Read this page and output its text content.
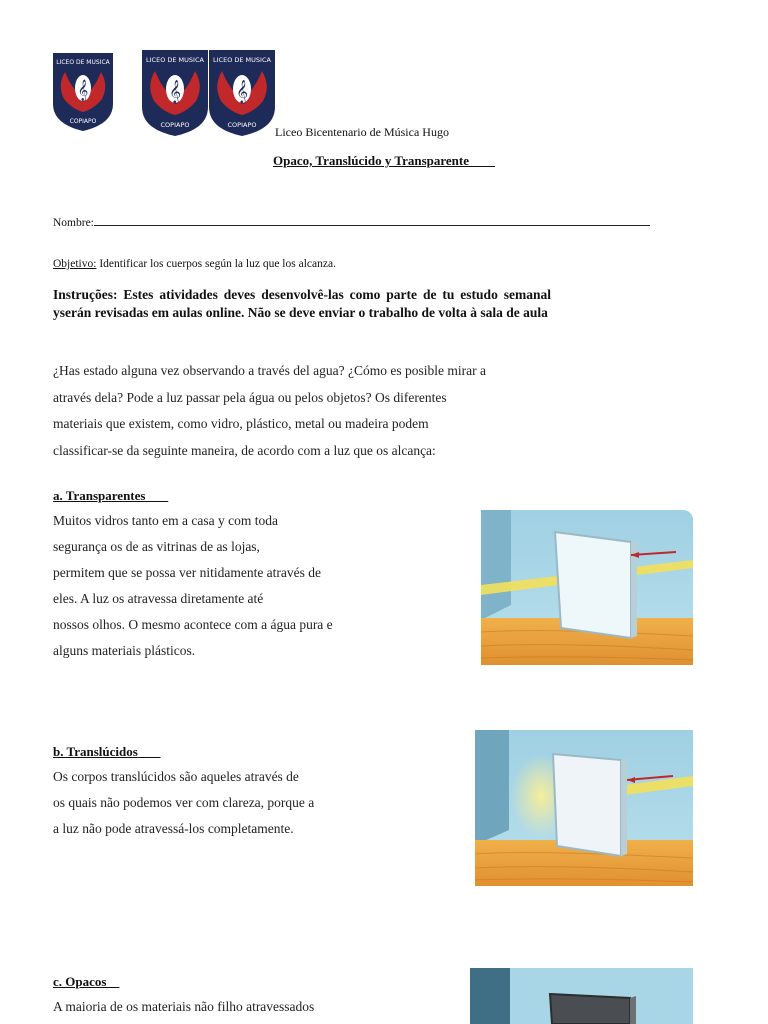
𝄞
LICEO DE MUSICA
COPIAPO
𝄞
LICEO DE MUSICA
COPIAPO
𝄞
LICEO DE MUSICA
COPIAPO Liceo Bicentenario de Música Hugo
Opaco, Translúcido y Transparente
Nombre:
Objetivo: Identificar los cuerpos según la luz que los alcanza.
Instruções: Estes atividades deves desenvolvê-las como parte de tu estudo semanal yserán revisadas em aulas online. Não se deve enviar o trabalho de volta à sala de aula

¿Has estado alguna vez observando a través del agua? ¿Cómo es posible mirar a

através dela? Pode a luz passar pela água ou pelos objetos? Os diferentes

materiais que existem, como vidro, plástico, metal ou madeira podem

classificar-se da seguinte maneira, de acordo com a luz que os alcança:

a. Transparentes

Muitos vidros tanto em a casa y com toda

segurança os de as vitrinas de as lojas,

permitem que se possa ver nitidamente através de

eles. A luz os atravessa diretamente até

nossos olhos. O mesmo acontece com a água pura e

alguns materiais plásticos.

b. Translúcidos

Os corpos translúcidos são aqueles através de

os quais não podemos ver com clareza, porque a

a luz não pode atravessá-los completamente.

c. Opacos

A maioria de os materiais não filho atravessados
